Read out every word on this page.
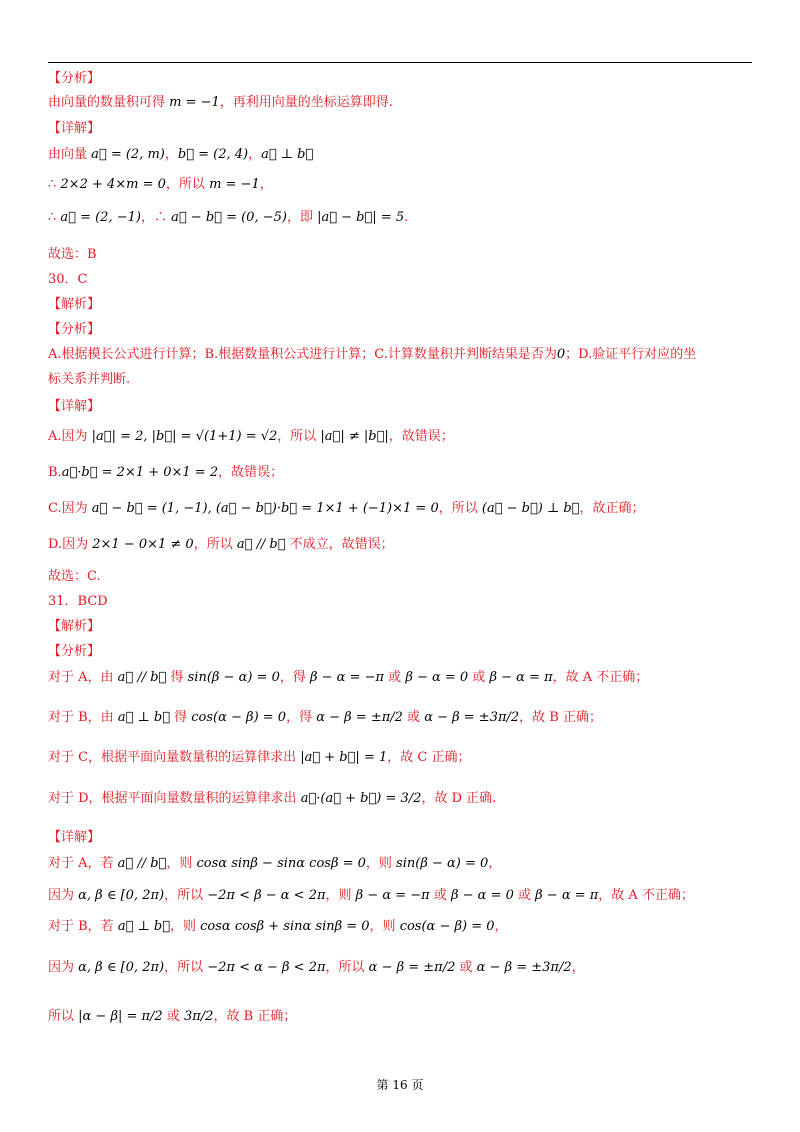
【分析】
由向量的数量积可得 m = −1，再利用向量的坐标运算即得.
【详解】
由向量 a⃗ = (2, m)，b⃗ = (2, 4)，a⃗ ⊥ b⃗
∴ 2×2 + 4×m = 0，所以 m = −1，
∴ a⃗ = (2, −1)，∴ a⃗ − b⃗ = (0, −5)，即 |a⃗ − b⃗| = 5.
故选：B
30．C
【解析】
【分析】
A.根据模长公式进行计算；B.根据数量积公式进行计算；C.计算数量积并判断结果是否为0；D.验证平行对应的坐
标关系并判断.
【详解】
A.因为 |a⃗| = 2, |b⃗| = √(1+1) = √2，所以 |a⃗| ≠ |b⃗|，故错误；
B.a⃗·b⃗ = 2×1 + 0×1 = 2，故错误；
C.因为 a⃗ − b⃗ = (1, −1), (a⃗ − b⃗)·b⃗ = 1×1 + (−1)×1 = 0，所以 (a⃗ − b⃗) ⊥ b⃗，故正确；
D.因为 2×1 − 0×1 ≠ 0，所以 a⃗ // b⃗ 不成立，故错误；
故选：C.
31．BCD
【解析】
【分析】
对于 A，由 a⃗ // b⃗ 得 sin(β − α) = 0，得 β − α = −π 或 β − α = 0 或 β − α = π，故 A 不正确；
对于 B，由 a⃗ ⊥ b⃗ 得 cos(α − β) = 0，得 α − β = ±π/2 或 α − β = ±3π/2，故 B 正确；
对于 C，根据平面向量数量积的运算律求出 |a⃗ + b⃗| = 1，故 C 正确；
对于 D，根据平面向量数量积的运算律求出 a⃗·(a⃗ + b⃗) = 3/2，故 D 正确.
【详解】
对于 A，若 a⃗ // b⃗，则 cosα sinβ − sinα cosβ = 0，则 sin(β − α) = 0，
因为 α, β ∈ [0, 2π)，所以 −2π < β − α < 2π，则 β − α = −π 或 β − α = 0 或 β − α = π，故 A 不正确；
对于 B，若 a⃗ ⊥ b⃗，则 cosα cosβ + sinα sinβ = 0，则 cos(α − β) = 0，
因为 α, β ∈ [0, 2π)，所以 −2π < α − β < 2π，所以 α − β = ±π/2 或 α − β = ±3π/2，
所以 |α − β| = π/2 或 3π/2，故 B 正确；
第 16 页
